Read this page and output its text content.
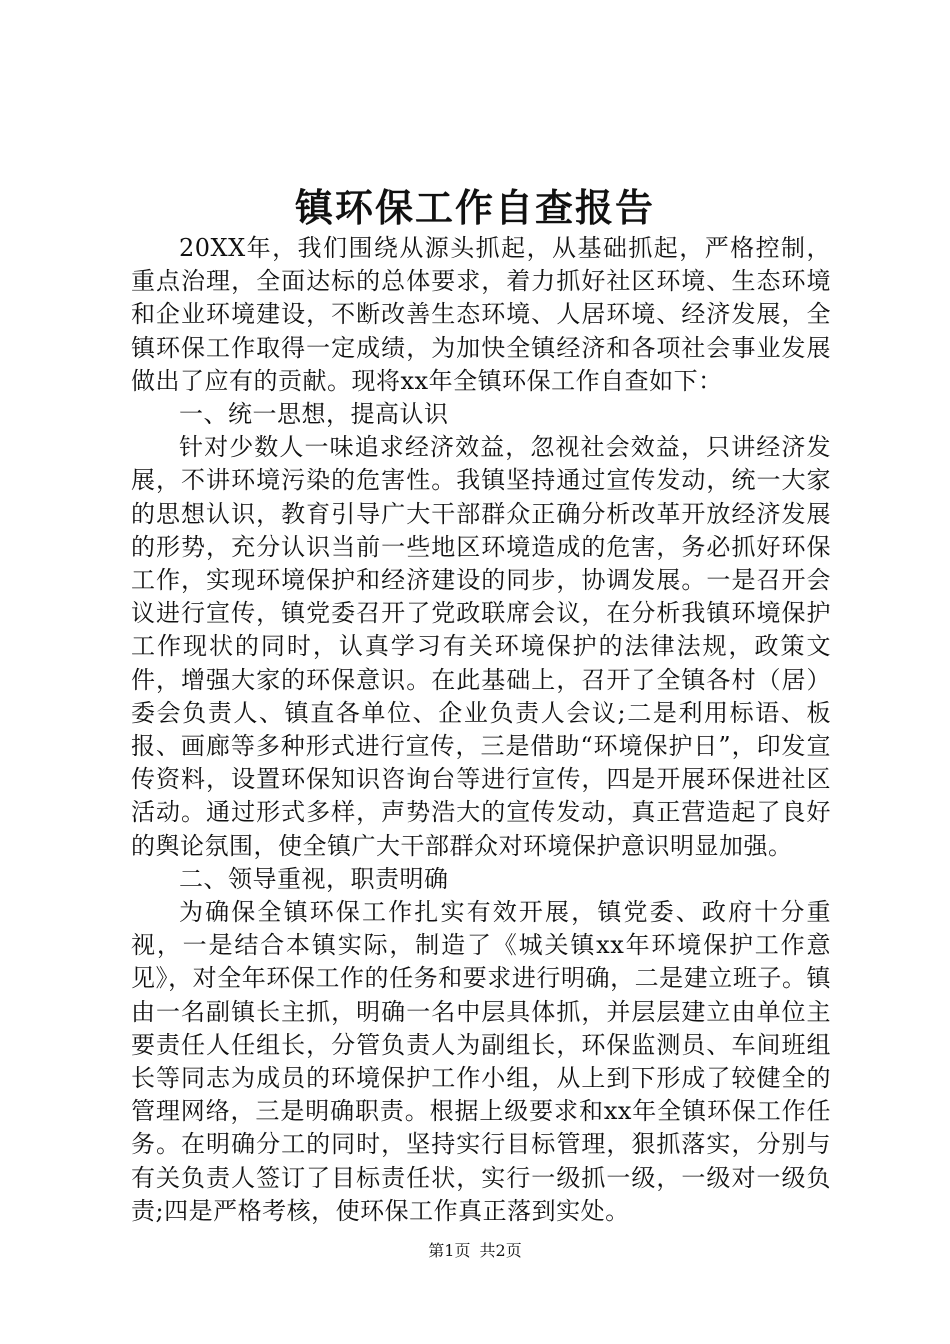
镇环保工作自查报告

20XX年，我们围绕从源头抓起，从基础抓起，严格控制，重点治理，全面达标的总体要求，着力抓好社区环境、生态环境和企业环境建设，不断改善生态环境、人居环境、经济发展，全镇环保工作取得一定成绩，为加快全镇经济和各项社会事业发展做出了应有的贡献。现将xx年全镇环保工作自查如下：

一、统一思想，提高认识

针对少数人一味追求经济效益，忽视社会效益，只讲经济发展，不讲环境污染的危害性。我镇坚持通过宣传发动，统一大家的思想认识，教育引导广大干部群众正确分析改革开放经济发展的形势，充分认识当前一些地区环境造成的危害，务必抓好环保工作，实现环境保护和经济建设的同步，协调发展。一是召开会议进行宣传，镇党委召开了党政联席会议，在分析我镇环境保护工作现状的同时，认真学习有关环境保护的法律法规，政策文件，增强大家的环保意识。在此基础上，召开了全镇各村（居）委会负责人、镇直各单位、企业负责人会议;二是利用标语、板报、画廊等多种形式进行宣传，三是借助“环境保护日”，印发宣传资料，设置环保知识咨询台等进行宣传，四是开展环保进社区活动。通过形式多样，声势浩大的宣传发动，真正营造起了良好的舆论氛围，使全镇广大干部群众对环境保护意识明显加强。

二、领导重视，职责明确

为确保全镇环保工作扎实有效开展，镇党委、政府十分重视，一是结合本镇实际，制造了《城关镇xx年环境保护工作意见》，对全年环保工作的任务和要求进行明确，二是建立班子。镇由一名副镇长主抓，明确一名中层具体抓，并层层建立由单位主要责任人任组长，分管负责人为副组长，环保监测员、车间班组长等同志为成员的环境保护工作小组，从上到下形成了较健全的管理网络，三是明确职责。根据上级要求和xx年全镇环保工作任务。在明确分工的同时，坚持实行目标管理，狠抓落实，分别与有关负责人签订了目标责任状，实行一级抓一级，一级对一级负责;四是严格考核，使环保工作真正落到实处。

第1页 共2页
